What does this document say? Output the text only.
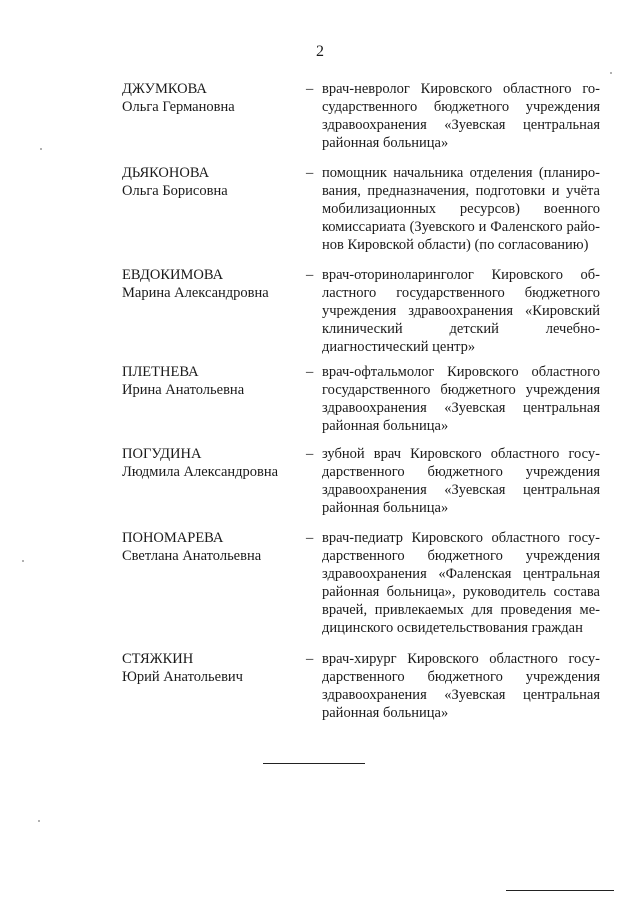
2
ДЖУМКОВА
Ольга Германовна
– врач-невролог Кировского областного го-
сударственного бюджетного учреждения
здравоохранения «Зуевская центральная
районная больница»
ДЬЯКОНОВА
Ольга Борисовна
– помощник начальника отделения (планиро-
вания, предназначения, подготовки и учёта
мобилизационных ресурсов) военного
комиссариата (Зуевского и Фаленского райо-
нов Кировской области) (по согласованию)
ЕВДОКИМОВА
Марина Александровна
– врач-оториноларинголог Кировского об-
ластного государственного бюджетного
учреждения здравоохранения «Кировский
клинический детский лечебно-
диагностический центр»
ПЛЕТНЕВА
Ирина Анатольевна
– врач-офтальмолог Кировского областного
государственного бюджетного учреждения
здравоохранения «Зуевская центральная
районная больница»
ПОГУДИНА
Людмила Александровна
– зубной врач Кировского областного госу-
дарственного бюджетного учреждения
здравоохранения «Зуевская центральная
районная больница»
ПОНОМАРЕВА
Светлана Анатольевна
– врач-педиатр Кировского областного госу-
дарственного бюджетного учреждения
здравоохранения «Фаленская центральная
районная больница», руководитель состава
врачей, привлекаемых для проведения ме-
дицинского освидетельствования граждан
СТЯЖКИН
Юрий Анатольевич
– врач-хирург Кировского областного госу-
дарственного бюджетного учреждения
здравоохранения «Зуевская центральная
районная больница»
